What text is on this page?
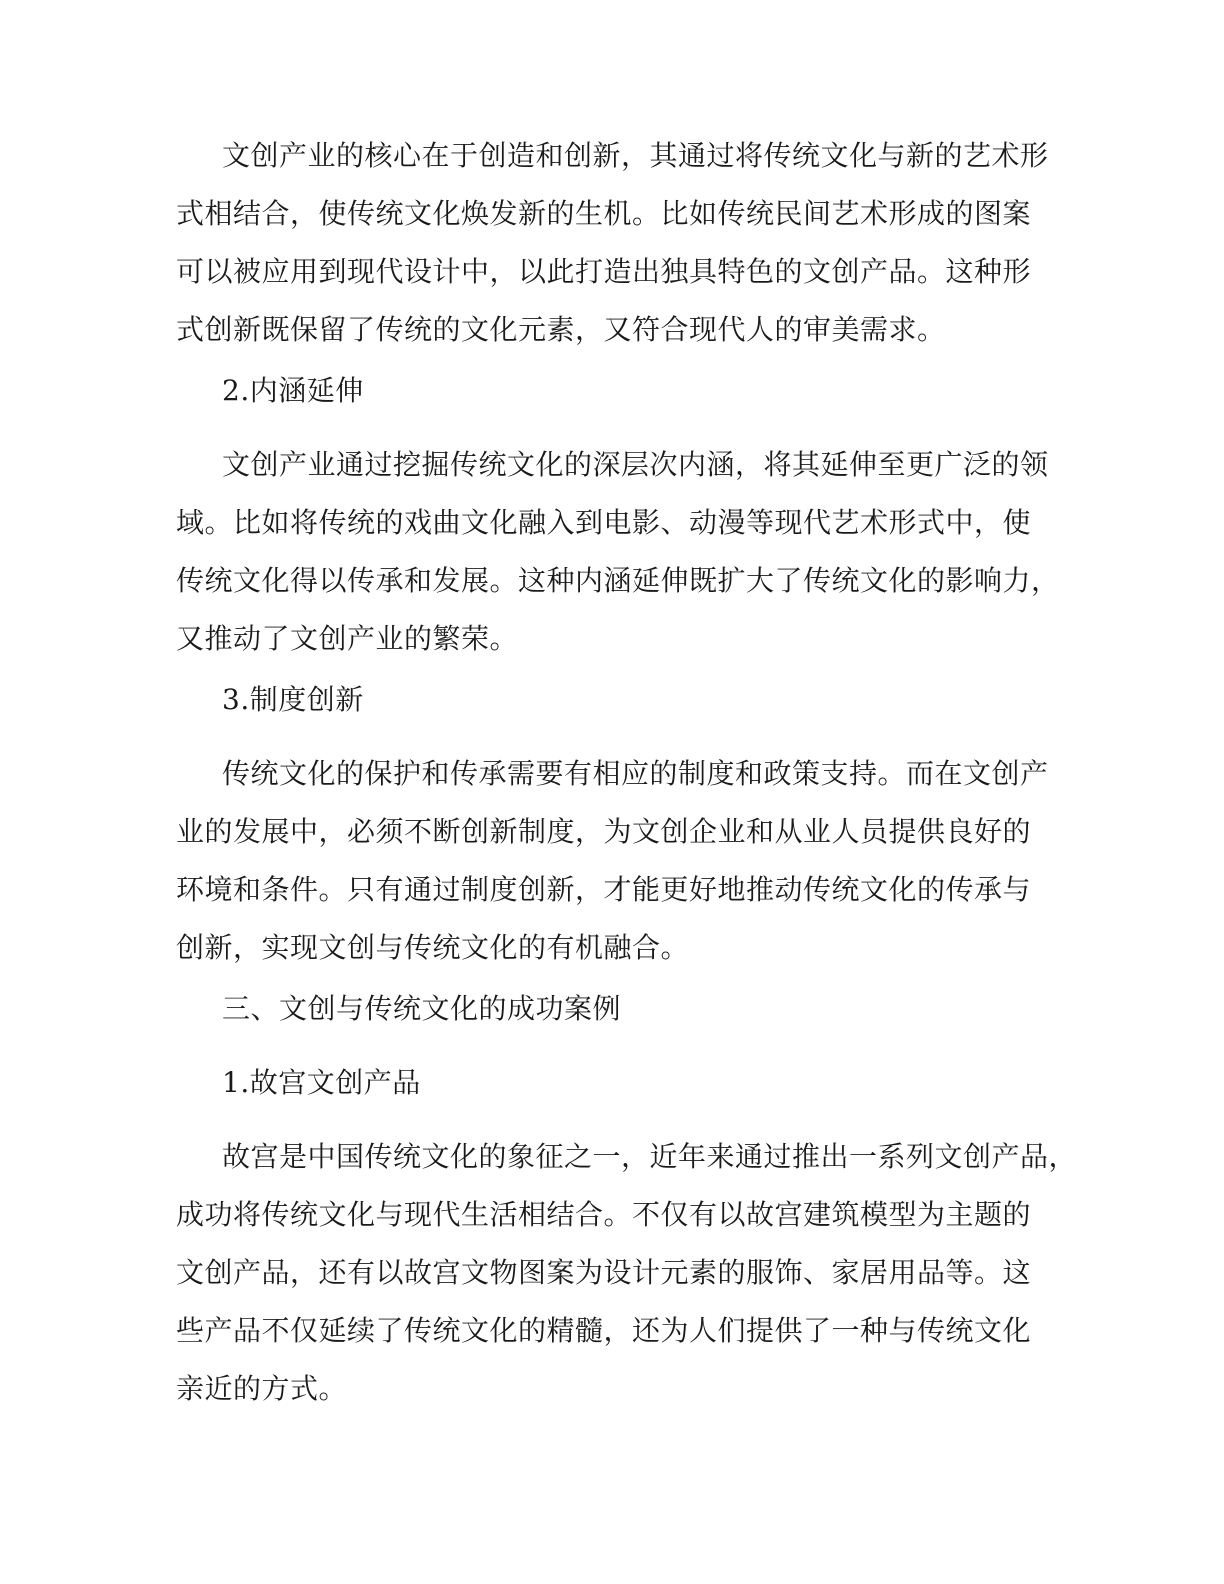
文创产业的核心在于创造和创新，其通过将传统文化与新的艺术形
式相结合，使传统文化焕发新的生机。比如传统民间艺术形成的图案
可以被应用到现代设计中，以此打造出独具特色的文创产品。这种形
式创新既保留了传统的文化元素，又符合现代人的审美需求。
2.内涵延伸
文创产业通过挖掘传统文化的深层次内涵，将其延伸至更广泛的领
域。比如将传统的戏曲文化融入到电影、动漫等现代艺术形式中，使
传统文化得以传承和发展。这种内涵延伸既扩大了传统文化的影响力，
又推动了文创产业的繁荣。
3.制度创新
传统文化的保护和传承需要有相应的制度和政策支持。而在文创产
业的发展中，必须不断创新制度，为文创企业和从业人员提供良好的
环境和条件。只有通过制度创新，才能更好地推动传统文化的传承与
创新，实现文创与传统文化的有机融合。
三、文创与传统文化的成功案例
1.故宫文创产品
故宫是中国传统文化的象征之一，近年来通过推出一系列文创产品，
成功将传统文化与现代生活相结合。不仅有以故宫建筑模型为主题的
文创产品，还有以故宫文物图案为设计元素的服饰、家居用品等。这
些产品不仅延续了传统文化的精髓，还为人们提供了一种与传统文化
亲近的方式。
